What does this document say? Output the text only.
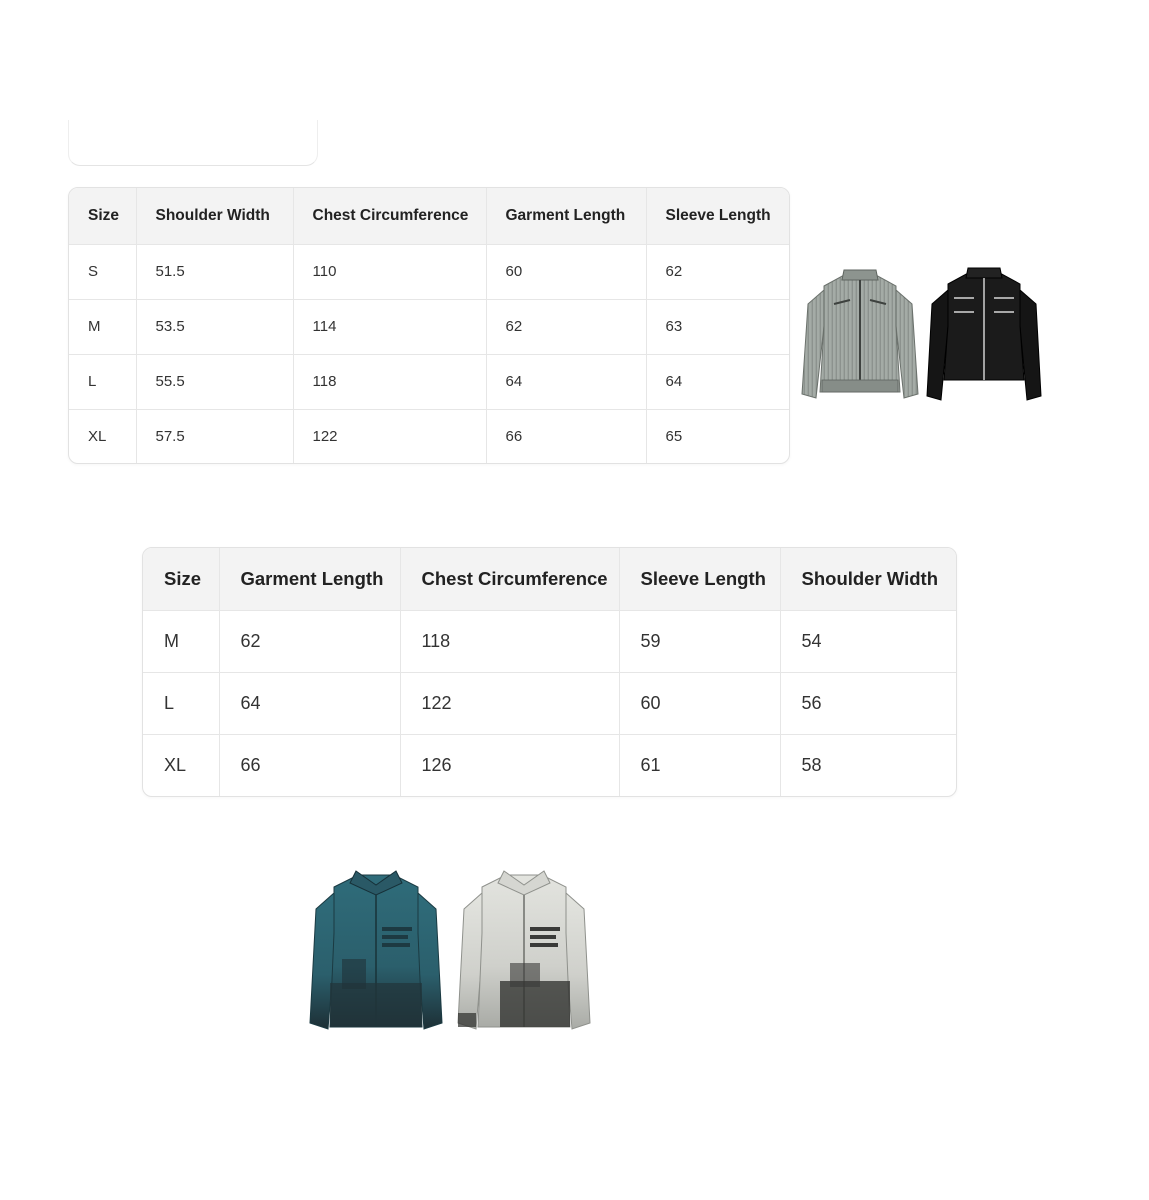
Size	Shoulder Width	Chest Circumference	Garment Length	Sleeve Length
S	51.5	110	60	62
M	53.5	114	62	63
L	55.5	118	64	64
XL	57.5	122	66	65
Size	Garment Length	Chest Circumference	Sleeve Length	Shoulder Width
M	62	118	59	54
L	64	122	60	56
XL	66	126	61	58
